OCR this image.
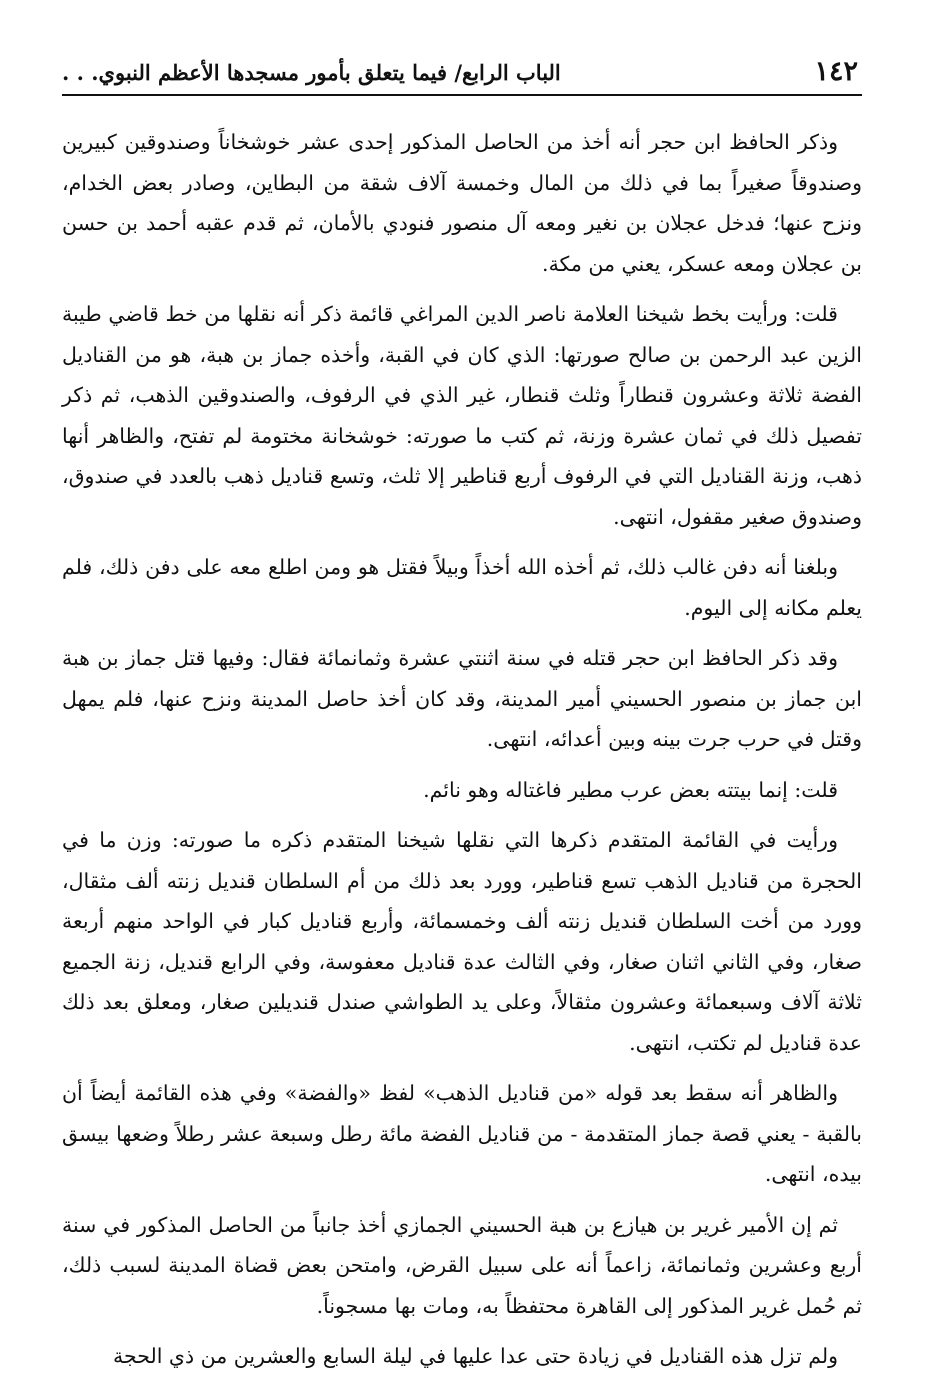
١٤٢
الباب الرابع/ فيما يتعلق بأمور مسجدها الأعظم النبوي. . .

وذكر الحافظ ابن حجر أنه أخذ من الحاصل المذكور إحدى عشر خوشخاناً وصندوقين كبيرين وصندوقاً صغيراً بما في ذلك من المال وخمسة آلاف شقة من البطاين، وصادر بعض الخدام، ونزح عنها؛ فدخل عجلان بن نغير ومعه آل منصور فنودي بالأمان، ثم قدم عقبه أحمد بن حسن بن عجلان ومعه عسكر، يعني من مكة.

قلت: ورأيت بخط شيخنا العلامة ناصر الدين المراغي قائمة ذكر أنه نقلها من خط قاضي طيبة الزين عبد الرحمن بن صالح صورتها: الذي كان في القبة، وأخذه جماز بن هبة، هو من القناديل الفضة ثلاثة وعشرون قنطاراً وثلث قنطار، غير الذي في الرفوف، والصندوقين الذهب، ثم ذكر تفصيل ذلك في ثمان عشرة وزنة، ثم كتب ما صورته: خوشخانة مختومة لم تفتح، والظاهر أنها ذهب، وزنة القناديل التي في الرفوف أربع قناطير إلا ثلث، وتسع قناديل ذهب بالعدد في صندوق، وصندوق صغير مقفول، انتهى.

وبلغنا أنه دفن غالب ذلك، ثم أخذه الله أخذاً وبيلاً فقتل هو ومن اطلع معه على دفن ذلك، فلم يعلم مكانه إلى اليوم.

وقد ذكر الحافظ ابن حجر قتله في سنة اثنتي عشرة وثمانمائة فقال: وفيها قتل جماز بن هبة ابن جماز بن منصور الحسيني أمير المدينة، وقد كان أخذ حاصل المدينة ونزح عنها، فلم يمهل وقتل في حرب جرت بينه وبين أعدائه، انتهى.

قلت: إنما بيتته بعض عرب مطير فاغتاله وهو نائم.

ورأيت في القائمة المتقدم ذكرها التي نقلها شيخنا المتقدم ذكره ما صورته: وزن ما في الحجرة من قناديل الذهب تسع قناطير، وورد بعد ذلك من أم السلطان قنديل زنته ألف مثقال، وورد من أخت السلطان قنديل زنته ألف وخمسمائة، وأربع قناديل كبار في الواحد منهم أربعة صغار، وفي الثاني اثنان صغار، وفي الثالث عدة قناديل معفوسة، وفي الرابع قنديل، زنة الجميع ثلاثة آلاف وسبعمائة وعشرون مثقالاً، وعلى يد الطواشي صندل قنديلين صغار، ومعلق بعد ذلك عدة قناديل لم تكتب، انتهى.

والظاهر أنه سقط بعد قوله «من قناديل الذهب» لفظ «والفضة» وفي هذه القائمة أيضاً أن بالقبة - يعني قصة جماز المتقدمة - من قناديل الفضة مائة رطل وسبعة عشر رطلاً وضعها بيسق بيده، انتهى.

ثم إن الأمير غرير بن هيازع بن هبة الحسيني الجمازي أخذ جانباً من الحاصل المذكور في سنة أربع وعشرين وثمانمائة، زاعماً أنه على سبيل القرض، وامتحن بعض قضاة المدينة لسبب ذلك، ثم حُمل غرير المذكور إلى القاهرة محتفظاً به، ومات بها مسجوناً.

ولم تزل هذه القناديل في زيادة حتى عدا عليها في ليلة السابع والعشرين من ذي الحجة
